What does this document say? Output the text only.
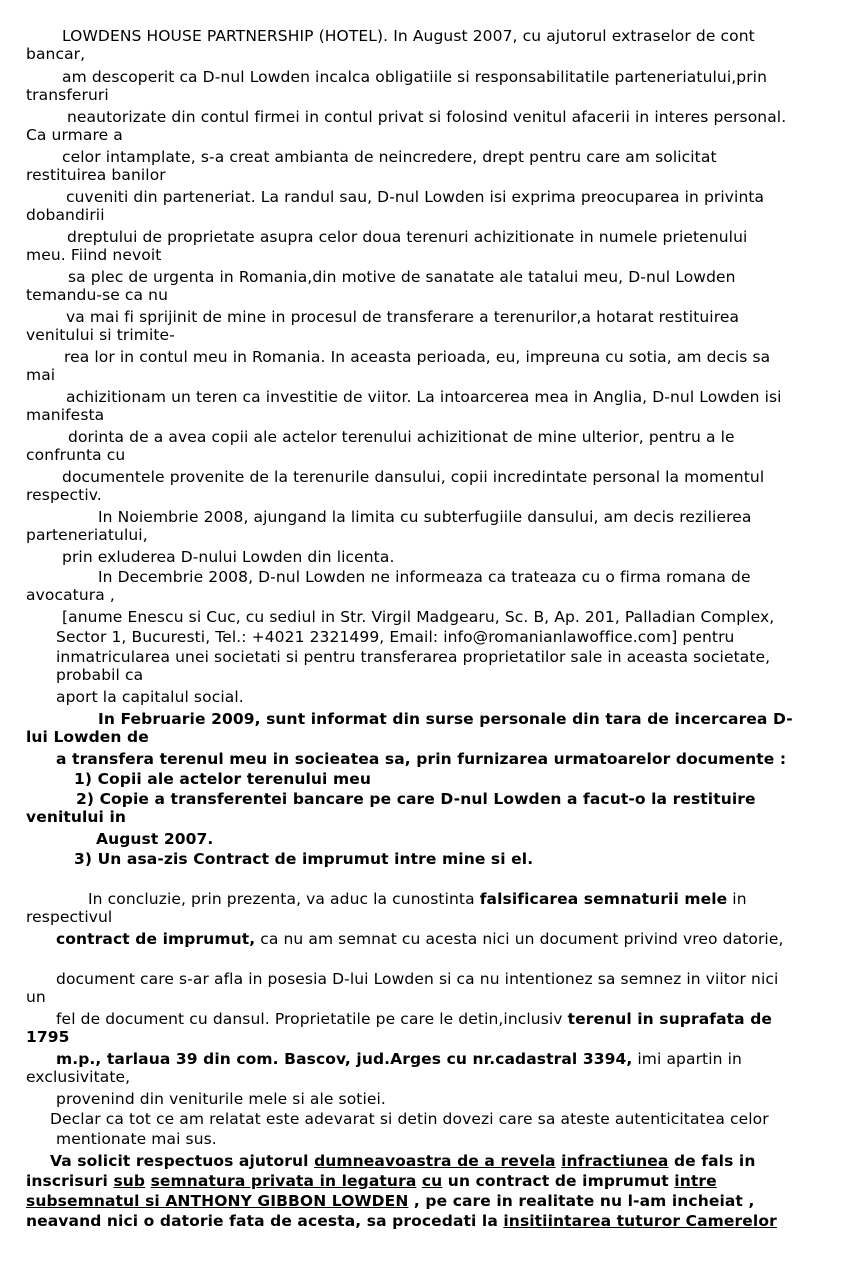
LOWDENS HOUSE PARTNERSHIP (HOTEL). In August 2007, cu ajutorul extraselor de cont
bancar,
am descoperit ca D-nul Lowden incalca obligatiile si responsabilitatile parteneriatului,prin
transferuri
neautorizate din contul firmei in contul privat si folosind venitul afacerii in interes personal.
Ca urmare a
celor intamplate, s-a creat ambianta de neincredere, drept pentru care am solicitat
restituirea banilor
cuveniti din parteneriat. La randul sau, D-nul Lowden isi exprima preocuparea in privinta
dobandirii
dreptului de proprietate asupra celor doua terenuri achizitionate in numele prietenului
meu. Fiind nevoit
sa plec de urgenta in Romania,din motive de sanatate ale tatalui meu, D-nul Lowden
temandu-se ca nu
va mai fi sprijinit de mine in procesul de transferare a terenurilor,a hotarat restituirea
venitului si trimite-
rea lor in contul meu in Romania. In aceasta perioada, eu, impreuna cu sotia, am decis sa
mai
achizitionam un teren ca investitie de viitor. La intoarcerea mea in Anglia, D-nul Lowden isi
manifesta
dorinta de a avea copii ale actelor terenului achizitionat de mine ulterior, pentru a le
confrunta cu
documentele provenite de la terenurile dansului, copii incredintate personal la momentul
respectiv.
In Noiembrie 2008, ajungand la limita cu subterfugiile dansului, am decis rezilierea
parteneriatului,
prin exluderea D-nului Lowden din licenta.
In Decembrie 2008, D-nul Lowden ne informeaza ca trateaza cu o firma romana de
avocatura ,
[anume Enescu si Cuc, cu sediul in Str. Virgil Madgearu, Sc. B, Ap. 201, Palladian Complex,
Sector 1, Bucuresti, Tel.: +4021 2321499, Email: info@romanianlawoffice.com] pentru
inmatricularea unei societati si pentru transferarea proprietatilor sale in aceasta societate,
probabil ca
aport la capitalul social.
In Februarie 2009, sunt informat din surse personale din tara de incercarea D-
lui Lowden de
a transfera terenul meu in socieatea sa, prin furnizarea urmatoarelor documente :
1) Copii ale actelor terenului meu
2) Copie a transferentei bancare pe care D-nul Lowden a facut-o la restituire
venitului in
August 2007.
3) Un asa-zis Contract de imprumut intre mine si el.
In concluzie, prin prezenta, va aduc la cunostinta falsificarea semnaturii mele in
respectivul
contract de imprumut, ca nu am semnat cu acesta nici un document privind vreo datorie,
document care s-ar afla in posesia D-lui Lowden si ca nu intentionez sa semnez in viitor nici
un
fel de document cu dansul. Proprietatile pe care le detin,inclusiv terenul in suprafata de
1795
m.p., tarlaua 39 din com. Bascov, jud.Arges cu nr.cadastral 3394, imi apartin in
exclusivitate,
provenind din veniturile mele si ale sotiei.
Declar ca tot ce am relatat este adevarat si detin dovezi care sa ateste autenticitatea celor
mentionate mai sus.
Va solicit respectuos ajutorul dumneavoastra de a revela infractiunea de fals in
inscrisuri sub semnatura privata in legatura cu un contract de imprumut intre
subsemnatul si ANTHONY GIBBON LOWDEN , pe care in realitate nu l-am incheiat ,
neavand nici o datorie fata de acesta, sa procedati la insitiintarea tuturor Camerelor
